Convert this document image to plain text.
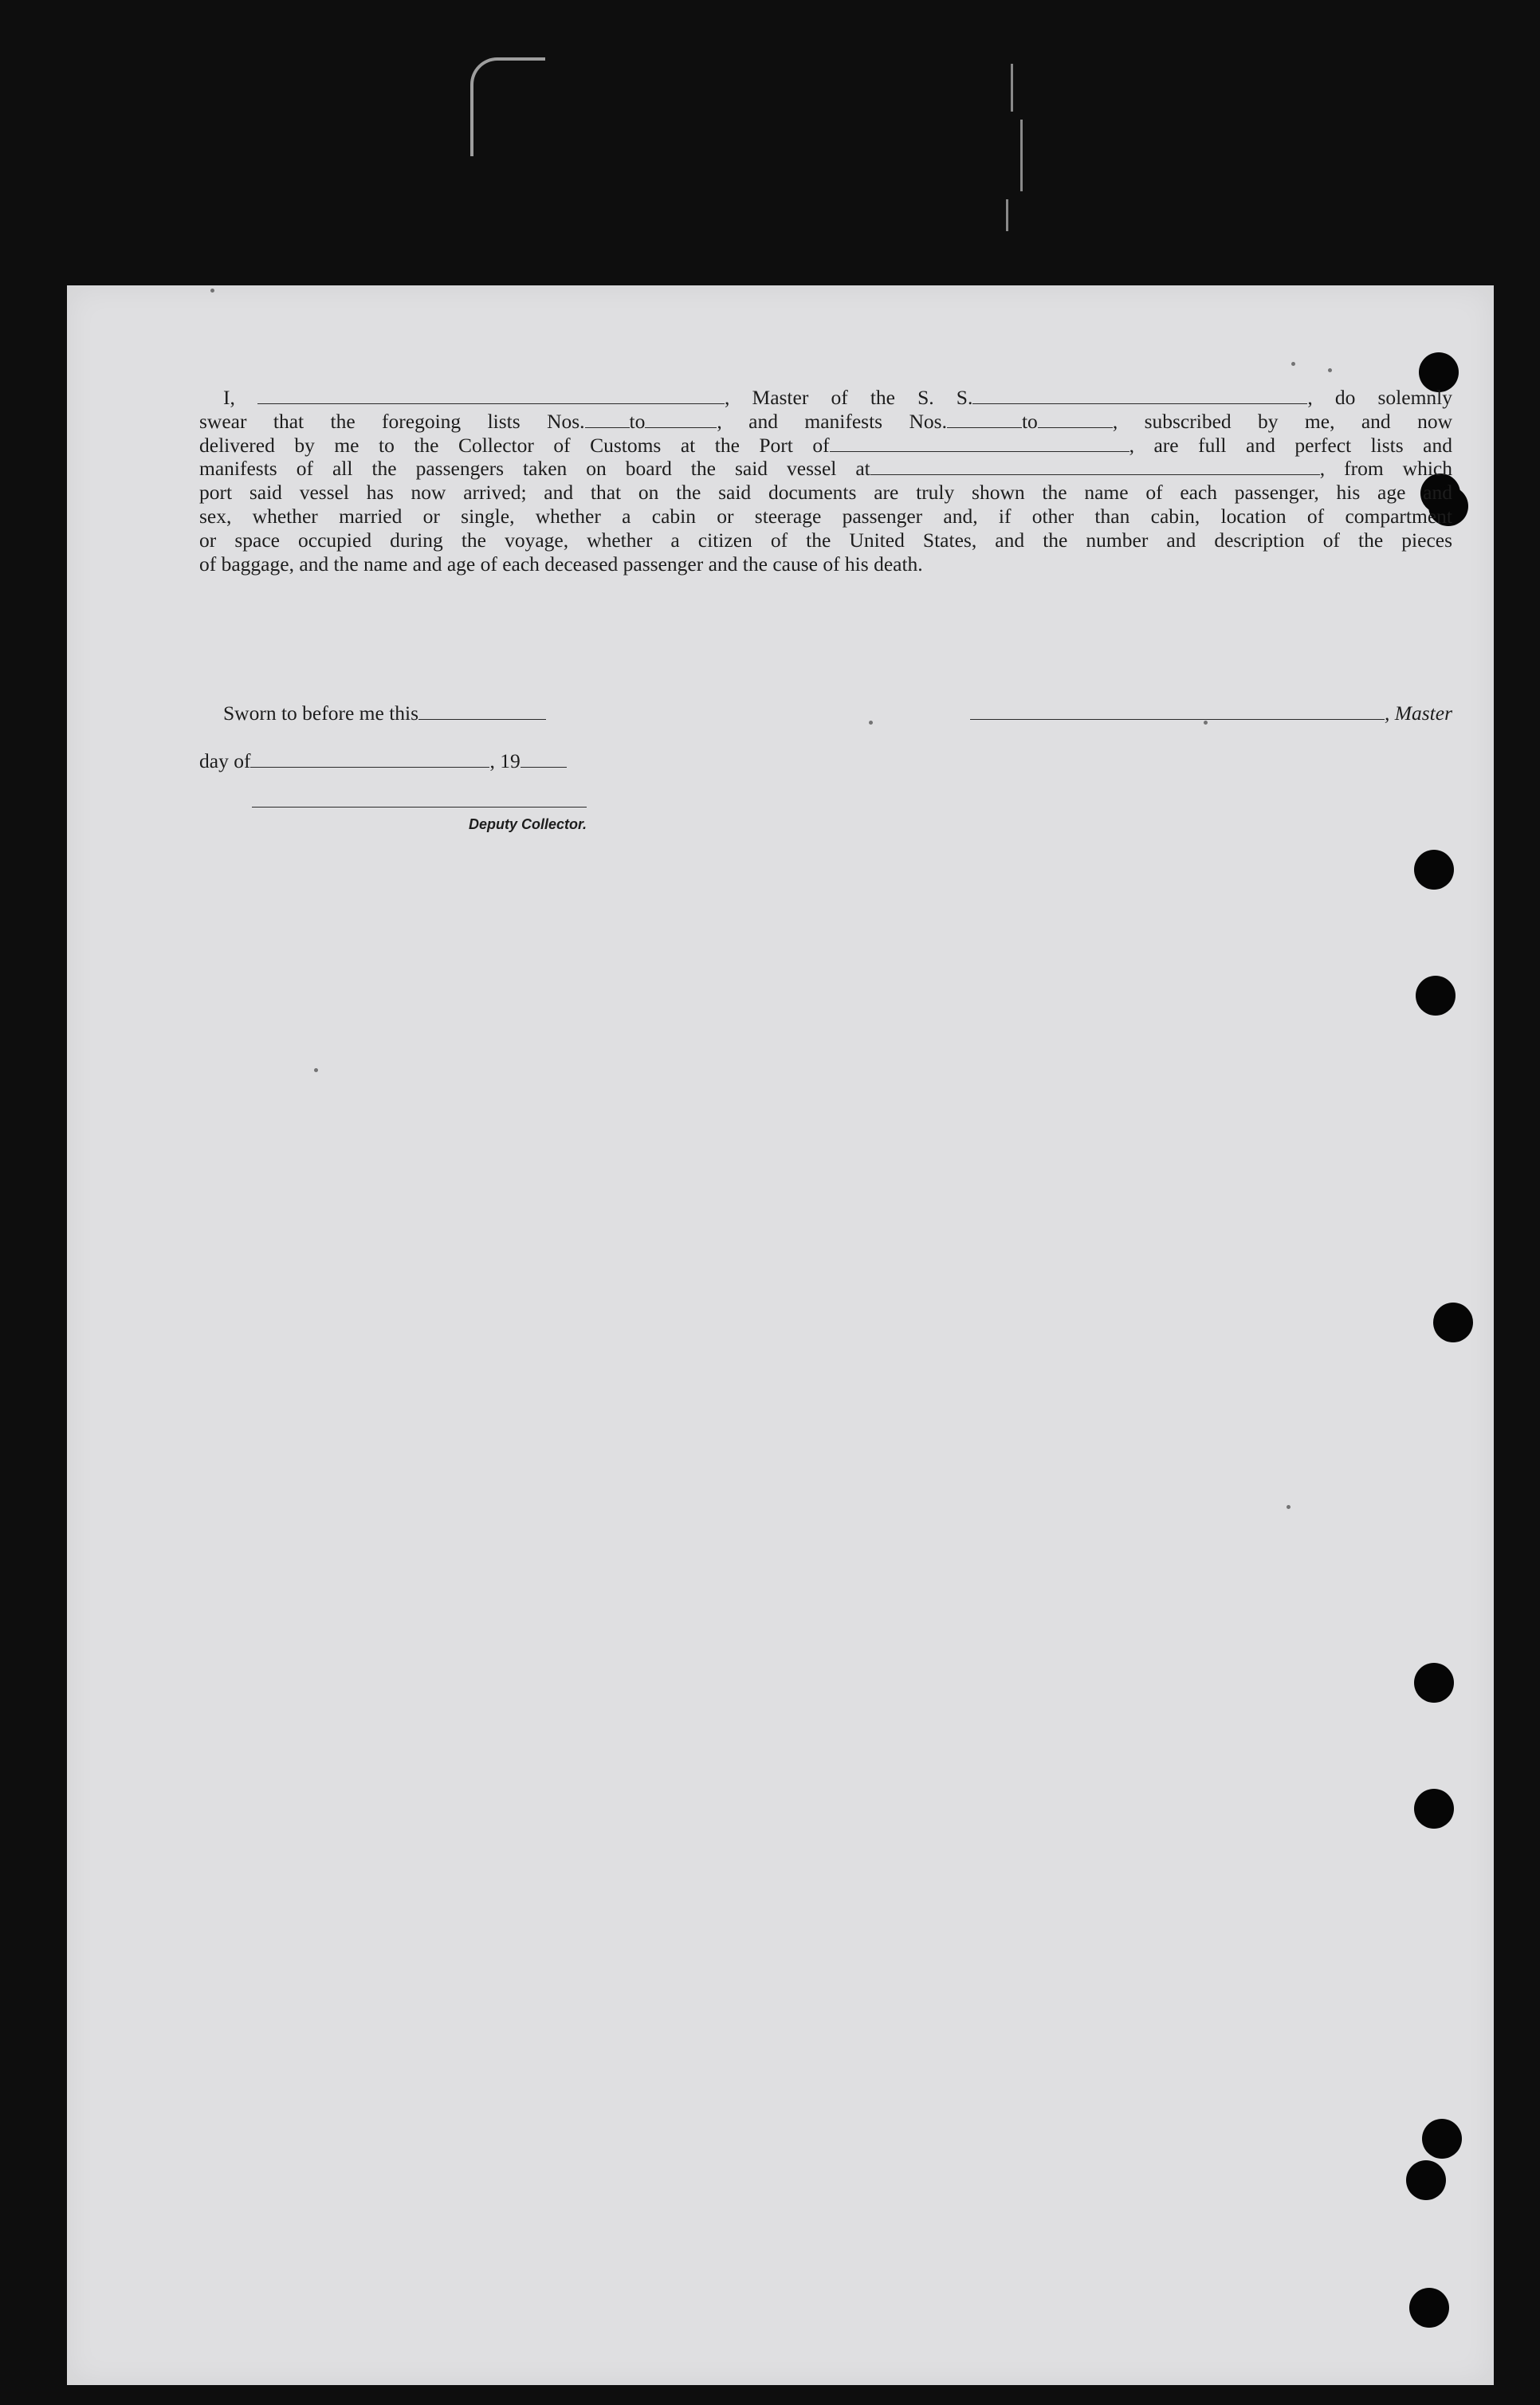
I,	, Master of the S. S.	, do solemnly

swear that the foregoing lists Nos. to	, and manifests Nos.	to	, subscribed by me, and now

delivered by me to the Collector of Customs at the Port of	, are full and perfect lists and

manifests of all the passengers taken on board the said vessel at	, from which

port said vessel has now arrived; and that on the said documents are truly shown the name of each passenger, his age and

sex, whether married or single, whether a cabin or steerage passenger and, if other than cabin, location of compartment

or space occupied during the voyage, whether a citizen of the United States, and the number and description of the pieces

of baggage, and the name and age of each deceased passenger and the cause of his death.

Sworn to before me this	, Master
day of	, 19
Deputy Collector.
